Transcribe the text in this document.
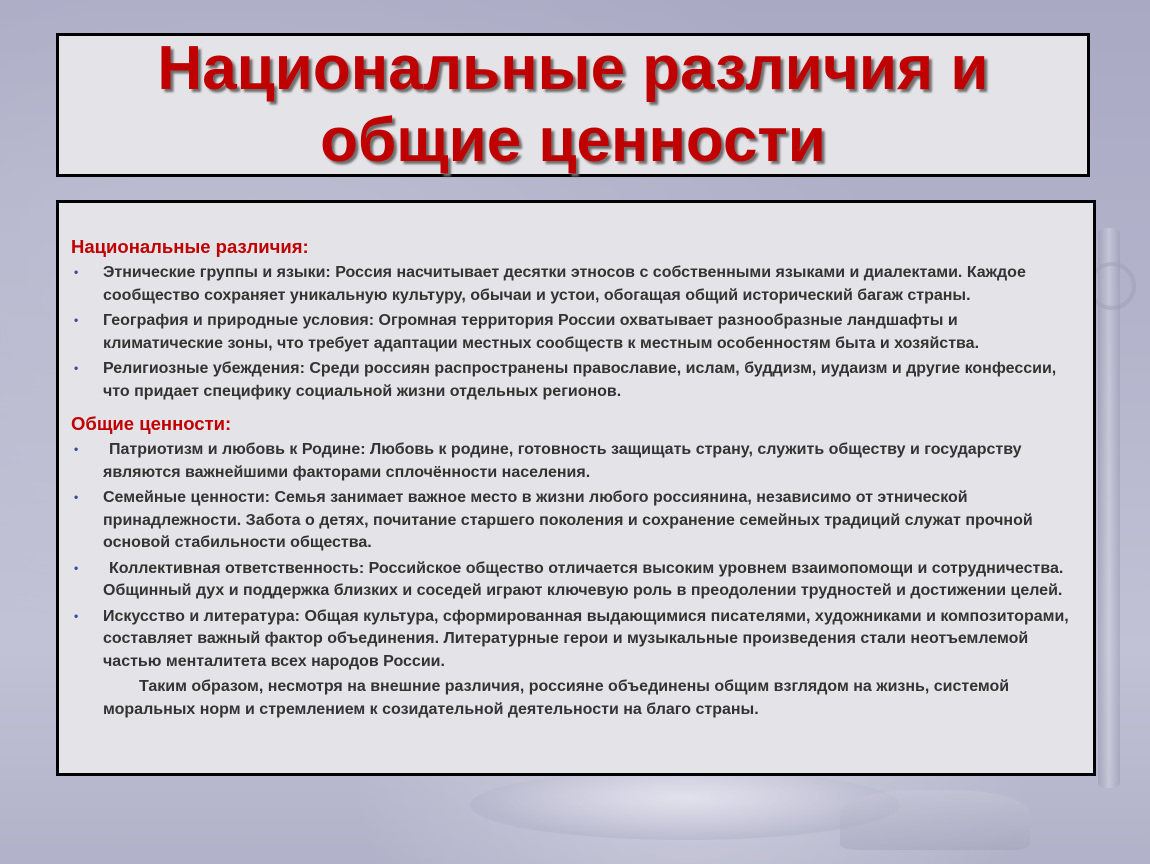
Национальные различия и
общие ценности
Национальные различия:
• Этнические группы и языки: Россия насчитывает десятки этносов с собственными языками и диалектами. Каждое сообщество сохраняет уникальную культуру, обычаи и устои, обогащая общий исторический багаж страны.
• География и природные условия: Огромная территория России охватывает разнообразные ландшафты и климатические зоны, что требует адаптации местных сообществ к местным особенностям быта и хозяйства.
• Религиозные убеждения: Среди россиян распространены православие, ислам, буддизм, иудаизм и другие конфессии, что придает специфику социальной жизни отдельных регионов.
Общие ценности:
• Патриотизм и любовь к Родине: Любовь к родине, готовность защищать страну, служить обществу и государству являются важнейшими факторами сплочённости населения.
• Семейные ценности: Семья занимает важное место в жизни любого россиянина, независимо от этнической принадлежности. Забота о детях, почитание старшего поколения и сохранение семейных традиций служат прочной основой стабильности общества.
• Коллективная ответственность: Российское общество отличается высоким уровнем взаимопомощи и сотрудничества. Общинный дух и поддержка близких и соседей играют ключевую роль в преодолении трудностей и достижении целей.
• Искусство и литература: Общая культура, сформированная выдающимися писателями, художниками и композиторами, составляет важный фактор объединения. Литературные герои и музыкальные произведения стали неотъемлемой частью менталитета всех народов России.
Таким образом, несмотря на внешние различия, россияне объединены общим взглядом на жизнь, системой моральных норм и стремлением к созидательной деятельности на благо страны.
